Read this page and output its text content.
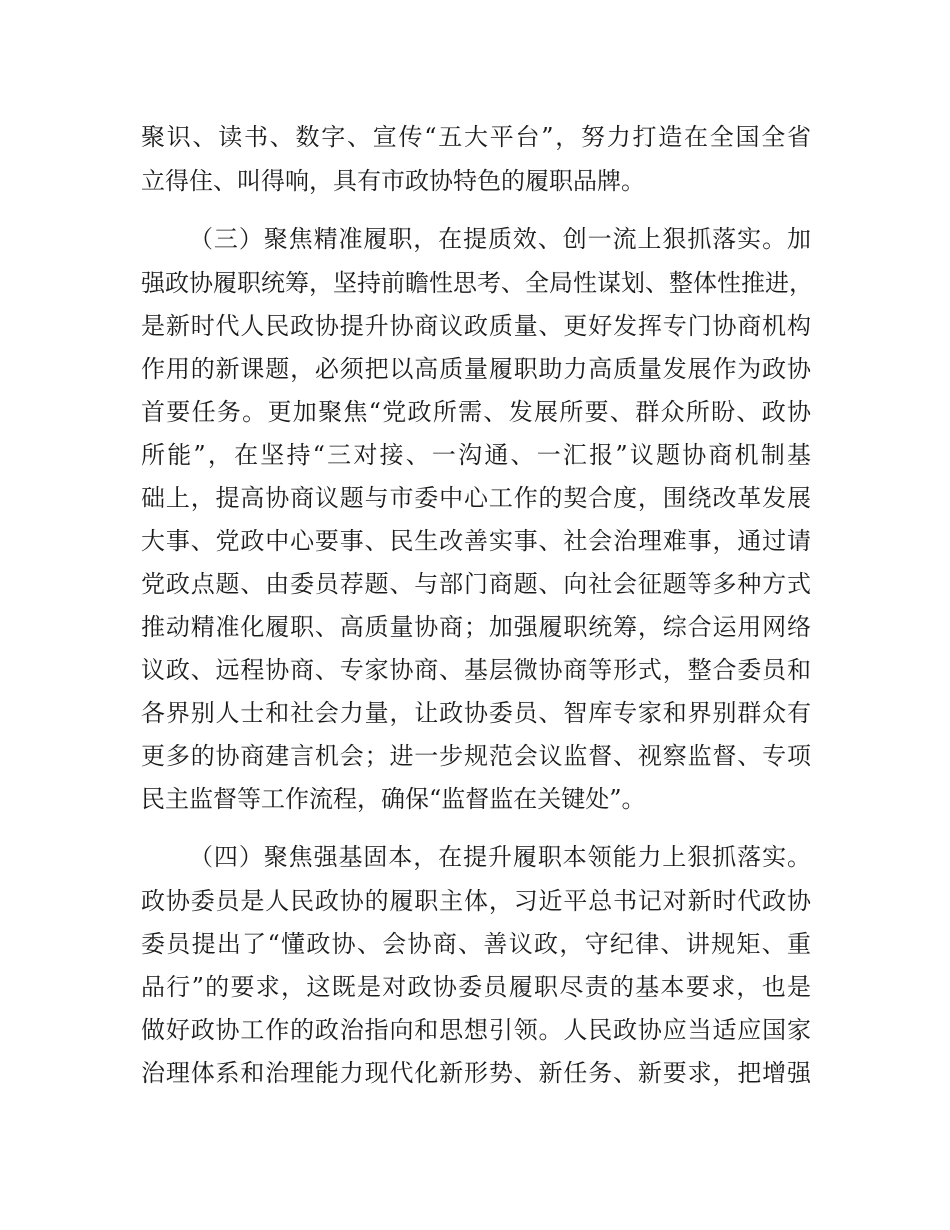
聚识、读书、数字、宣传“五大平台”，努力打造在全国全省
立得住、叫得响，具有市政协特色的履职品牌。
（三）聚焦精准履职，在提质效、创一流上狠抓落实。加
强政协履职统筹，坚持前瞻性思考、全局性谋划、整体性推进，
是新时代人民政协提升协商议政质量、更好发挥专门协商机构
作用的新课题，必须把以高质量履职助力高质量发展作为政协
首要任务。更加聚焦“党政所需、发展所要、群众所盼、政协
所能”，在坚持“三对接、一沟通、一汇报”议题协商机制基
础上，提高协商议题与市委中心工作的契合度，围绕改革发展
大事、党政中心要事、民生改善实事、社会治理难事，通过请
党政点题、由委员荐题、与部门商题、向社会征题等多种方式
推动精准化履职、高质量协商；加强履职统筹，综合运用网络
议政、远程协商、专家协商、基层微协商等形式，整合委员和
各界别人士和社会力量，让政协委员、智库专家和界别群众有
更多的协商建言机会；进一步规范会议监督、视察监督、专项
民主监督等工作流程，确保“监督监在关键处”。
（四）聚焦强基固本，在提升履职本领能力上狠抓落实。
政协委员是人民政协的履职主体，习近平总书记对新时代政协
委员提出了“懂政协、会协商、善议政，守纪律、讲规矩、重
品行”的要求，这既是对政协委员履职尽责的基本要求，也是
做好政协工作的政治指向和思想引领。人民政协应当适应国家
治理体系和治理能力现代化新形势、新任务、新要求，把增强
